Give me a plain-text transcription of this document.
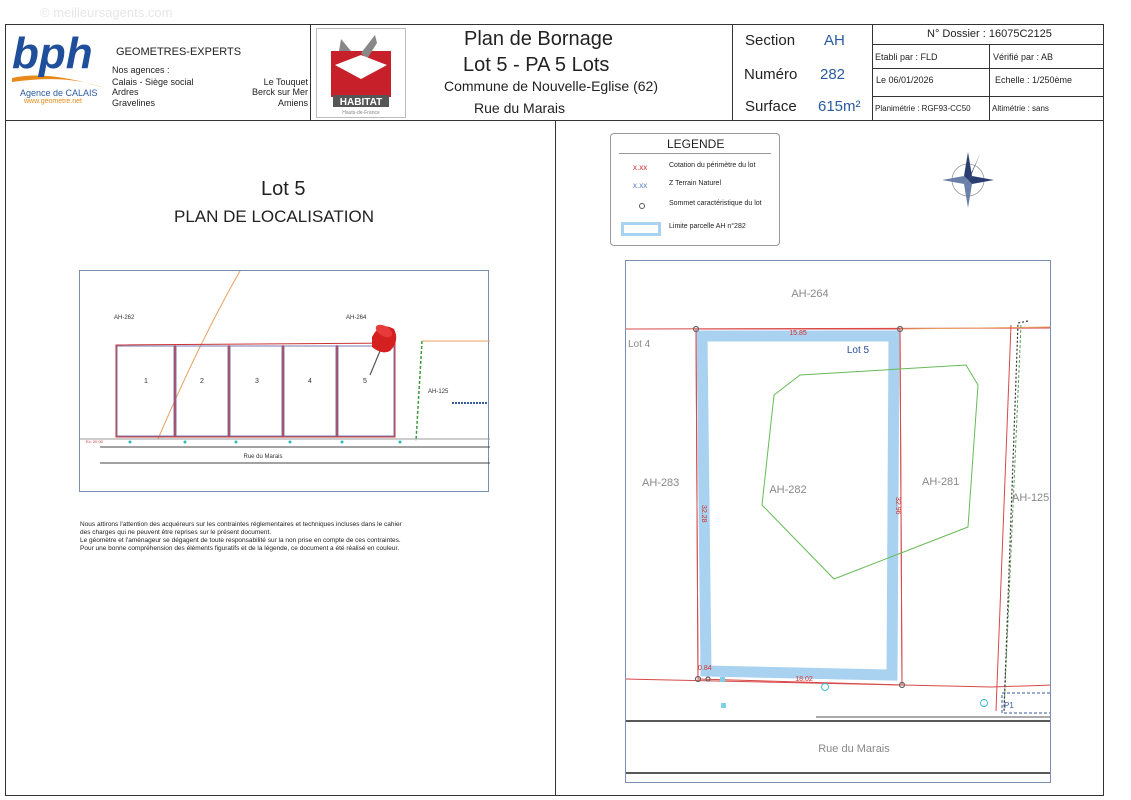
© meilleursagents.com
bph GEOMETRES-EXPERTS
Nos agences :
Calais - Siège social
Ardres
Gravelines
Le Touquet
Berck sur Mer
Amiens
Agence de CALAIS
www.geometre.net	HABITAT
Hauts-de-France
Plan de Bornage
Lot 5 - PA 5 Lots
Commune de Nouvelle-Eglise (62)
Rue du Marais
Section AH
Numéro 282
Surface 615m²
N° Dossier : 16075C2125
Etabli par : FLD	Vérifié par : AB
Le 06/01/2026	Echelle : 1/250ème
Planimétrie : RGF93-CC50	Altimétrie : sans
Lot 5
PLAN DE LOCALISATION
AH-262	AH-264
AH-125
1	2	3	4	5
Rue du Marais
Ex. 20.00
Nous attirons l'attention des acquéreurs sur les contraintes réglementaires et techniques incluses dans le cahier
des charges qui ne peuvent être reprises sur le présent document.
Le géomètre et l'aménageur se dégagent de toute responsabilité sur la non prise en compte de ces contraintes.
Pour une bonne compréhension des éléments figuratifs et de la légende, ce document a été réalisé en couleur.
LEGENDE
x.xx	Cotation du périmètre du lot
x.xx	Z Terrain Naturel
Sommet caractéristique du lot
Limite parcelle AH n°282
AH-264
Lot 4
Lot 5
AH-283
AH-282
AH-281
AH-125
15.85
32.28	32.96
18.02
0.84
P1
Rue du Marais
